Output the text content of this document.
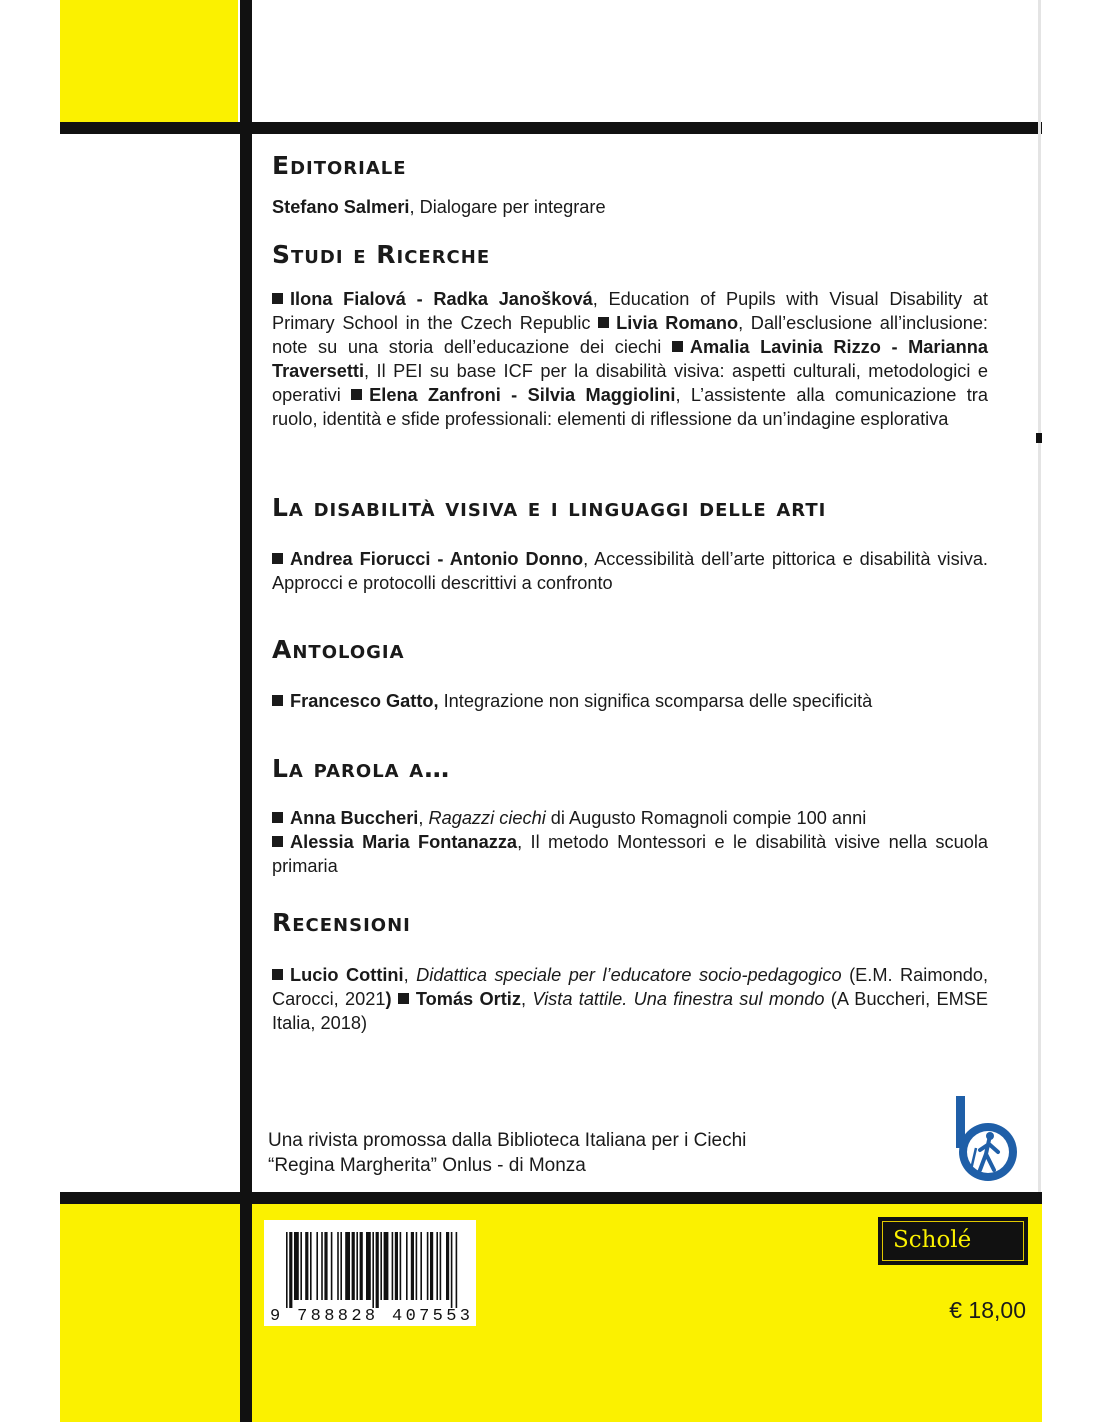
Editoriale

Stefano Salmeri, Dialogare per integrare

Studi e Ricerche

Ilona Fialová - Radka Janošková, Education of Pupils with Visual Disability at Primary School in the Czech Republic Livia Romano, Dall’esclusione all’inclusione: note su una storia dell’educazione dei ciechi Amalia Lavinia Rizzo - Marianna Traversetti, Il PEI su base ICF per la disabilità visiva: aspetti culturali, metodologici e operativi Elena Zanfroni - Silvia Maggiolini, L’assistente alla comunicazione tra ruolo, identità e sfide professionali: elementi di riflessione da un’indagine esplorativa

La disabilità visiva e i linguaggi delle arti

Andrea Fiorucci - Antonio Donno, Accessibilità dell’arte pittorica e disabilità visiva. Approcci e protocolli descrittivi a confronto

Antologia

Francesco Gatto, Integrazione non significa scomparsa delle specificità

La parola a…

Anna Buccheri, Ragazzi ciechi di Augusto Romagnoli compie 100 anni
Alessia Maria Fontanazza, Il metodo Montessori e le disabilità visive nella scuola primaria

Recensioni

Lucio Cottini, Didattica speciale per l’educatore socio-pedagogico (E.M. Raimondo, Carocci, 2021) Tomás Ortiz, Vista tattile. Una finestra sul mondo (A Buccheri, EMSE Italia, 2018)

Una rivista promossa dalla Biblioteca Italiana per i Ciechi
“Regina Margherita” Onlus - di Monza
9 788828 407553
Scholé
€ 18,00
